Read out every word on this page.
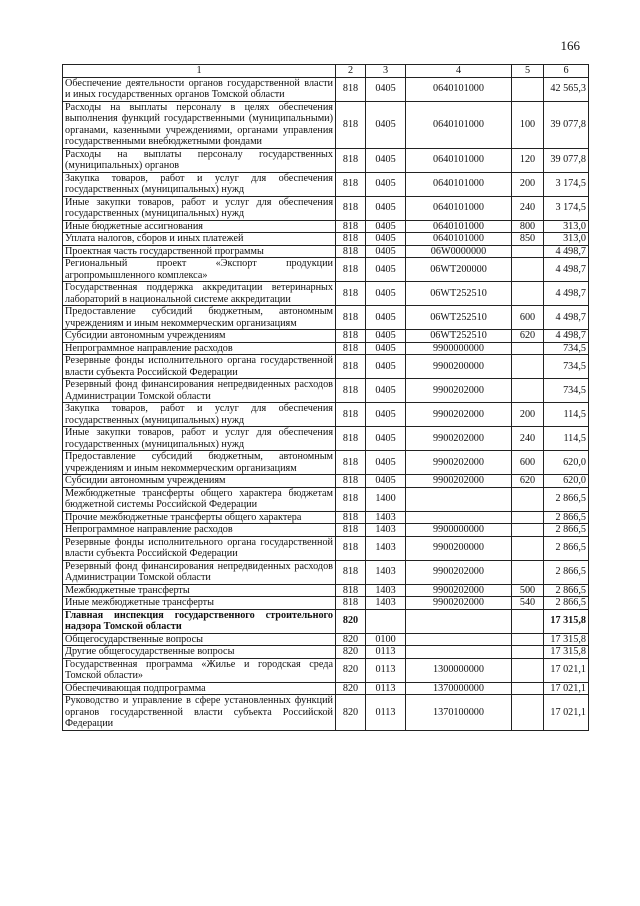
166
1	2	3	4	5	6
Обеспечение деятельности органов государственной власти и иных государственных органов Томской области	818	0405	0640101000		42 565,3
Расходы на выплаты персоналу в целях обеспечения выполнения функций государственными (муниципальными) органами, казенными учреждениями, органами управления государственными внебюджетными фондами	818	0405	0640101000	100	39 077,8
Расходы на выплаты персоналу государственных (муниципальных) органов	818	0405	0640101000	120	39 077,8
Закупка товаров, работ и услуг для обеспечения государственных (муниципальных) нужд	818	0405	0640101000	200	3 174,5
Иные закупки товаров, работ и услуг для обеспечения государственных (муниципальных) нужд	818	0405	0640101000	240	3 174,5
Иные бюджетные ассигнования	818	0405	0640101000	800	313,0
Уплата налогов, сборов и иных платежей	818	0405	0640101000	850	313,0
Проектная часть государственной программы	818	0405	06W0000000		4 498,7
Региональный проект «Экспорт продукции агропромышленного комплекса»	818	0405	06WT200000		4 498,7
Государственная поддержка аккредитации ветеринарных лабораторий в национальной системе аккредитации	818	0405	06WT252510		4 498,7
Предоставление субсидий бюджетным, автономным учреждениям и иным некоммерческим организациям	818	0405	06WT252510	600	4 498,7
Субсидии автономным учреждениям	818	0405	06WT252510	620	4 498,7
Непрограммное направление расходов	818	0405	9900000000		734,5
Резервные фонды исполнительного органа государственной власти субъекта Российской Федерации	818	0405	9900200000		734,5
Резервный фонд финансирования непредвиденных расходов Администрации Томской области	818	0405	9900202000		734,5
Закупка товаров, работ и услуг для обеспечения государственных (муниципальных) нужд	818	0405	9900202000	200	114,5
Иные закупки товаров, работ и услуг для обеспечения государственных (муниципальных) нужд	818	0405	9900202000	240	114,5
Предоставление субсидий бюджетным, автономным учреждениям и иным некоммерческим организациям	818	0405	9900202000	600	620,0
Субсидии автономным учреждениям	818	0405	9900202000	620	620,0
Межбюджетные трансферты общего характера бюджетам бюджетной системы Российской Федерации	818	1400			2 866,5
Прочие межбюджетные трансферты общего характера	818	1403			2 866,5
Непрограммное направление расходов	818	1403	9900000000		2 866,5
Резервные фонды исполнительного органа государственной власти субъекта Российской Федерации	818	1403	9900200000		2 866,5
Резервный фонд финансирования непредвиденных расходов Администрации Томской области	818	1403	9900202000		2 866,5
Межбюджетные трансферты	818	1403	9900202000	500	2 866,5
Иные межбюджетные трансферты	818	1403	9900202000	540	2 866,5
Главная инспекция государственного строительного надзора Томской области	820				17 315,8
Общегосударственные вопросы	820	0100			17 315,8
Другие общегосударственные вопросы	820	0113			17 315,8
Государственная программа «Жилье и городская среда Томской области»	820	0113	1300000000		17 021,1
Обеспечивающая подпрограмма	820	0113	1370000000		17 021,1
Руководство и управление в сфере установленных функций органов государственной власти субъекта Российской Федерации	820	0113	1370100000		17 021,1
